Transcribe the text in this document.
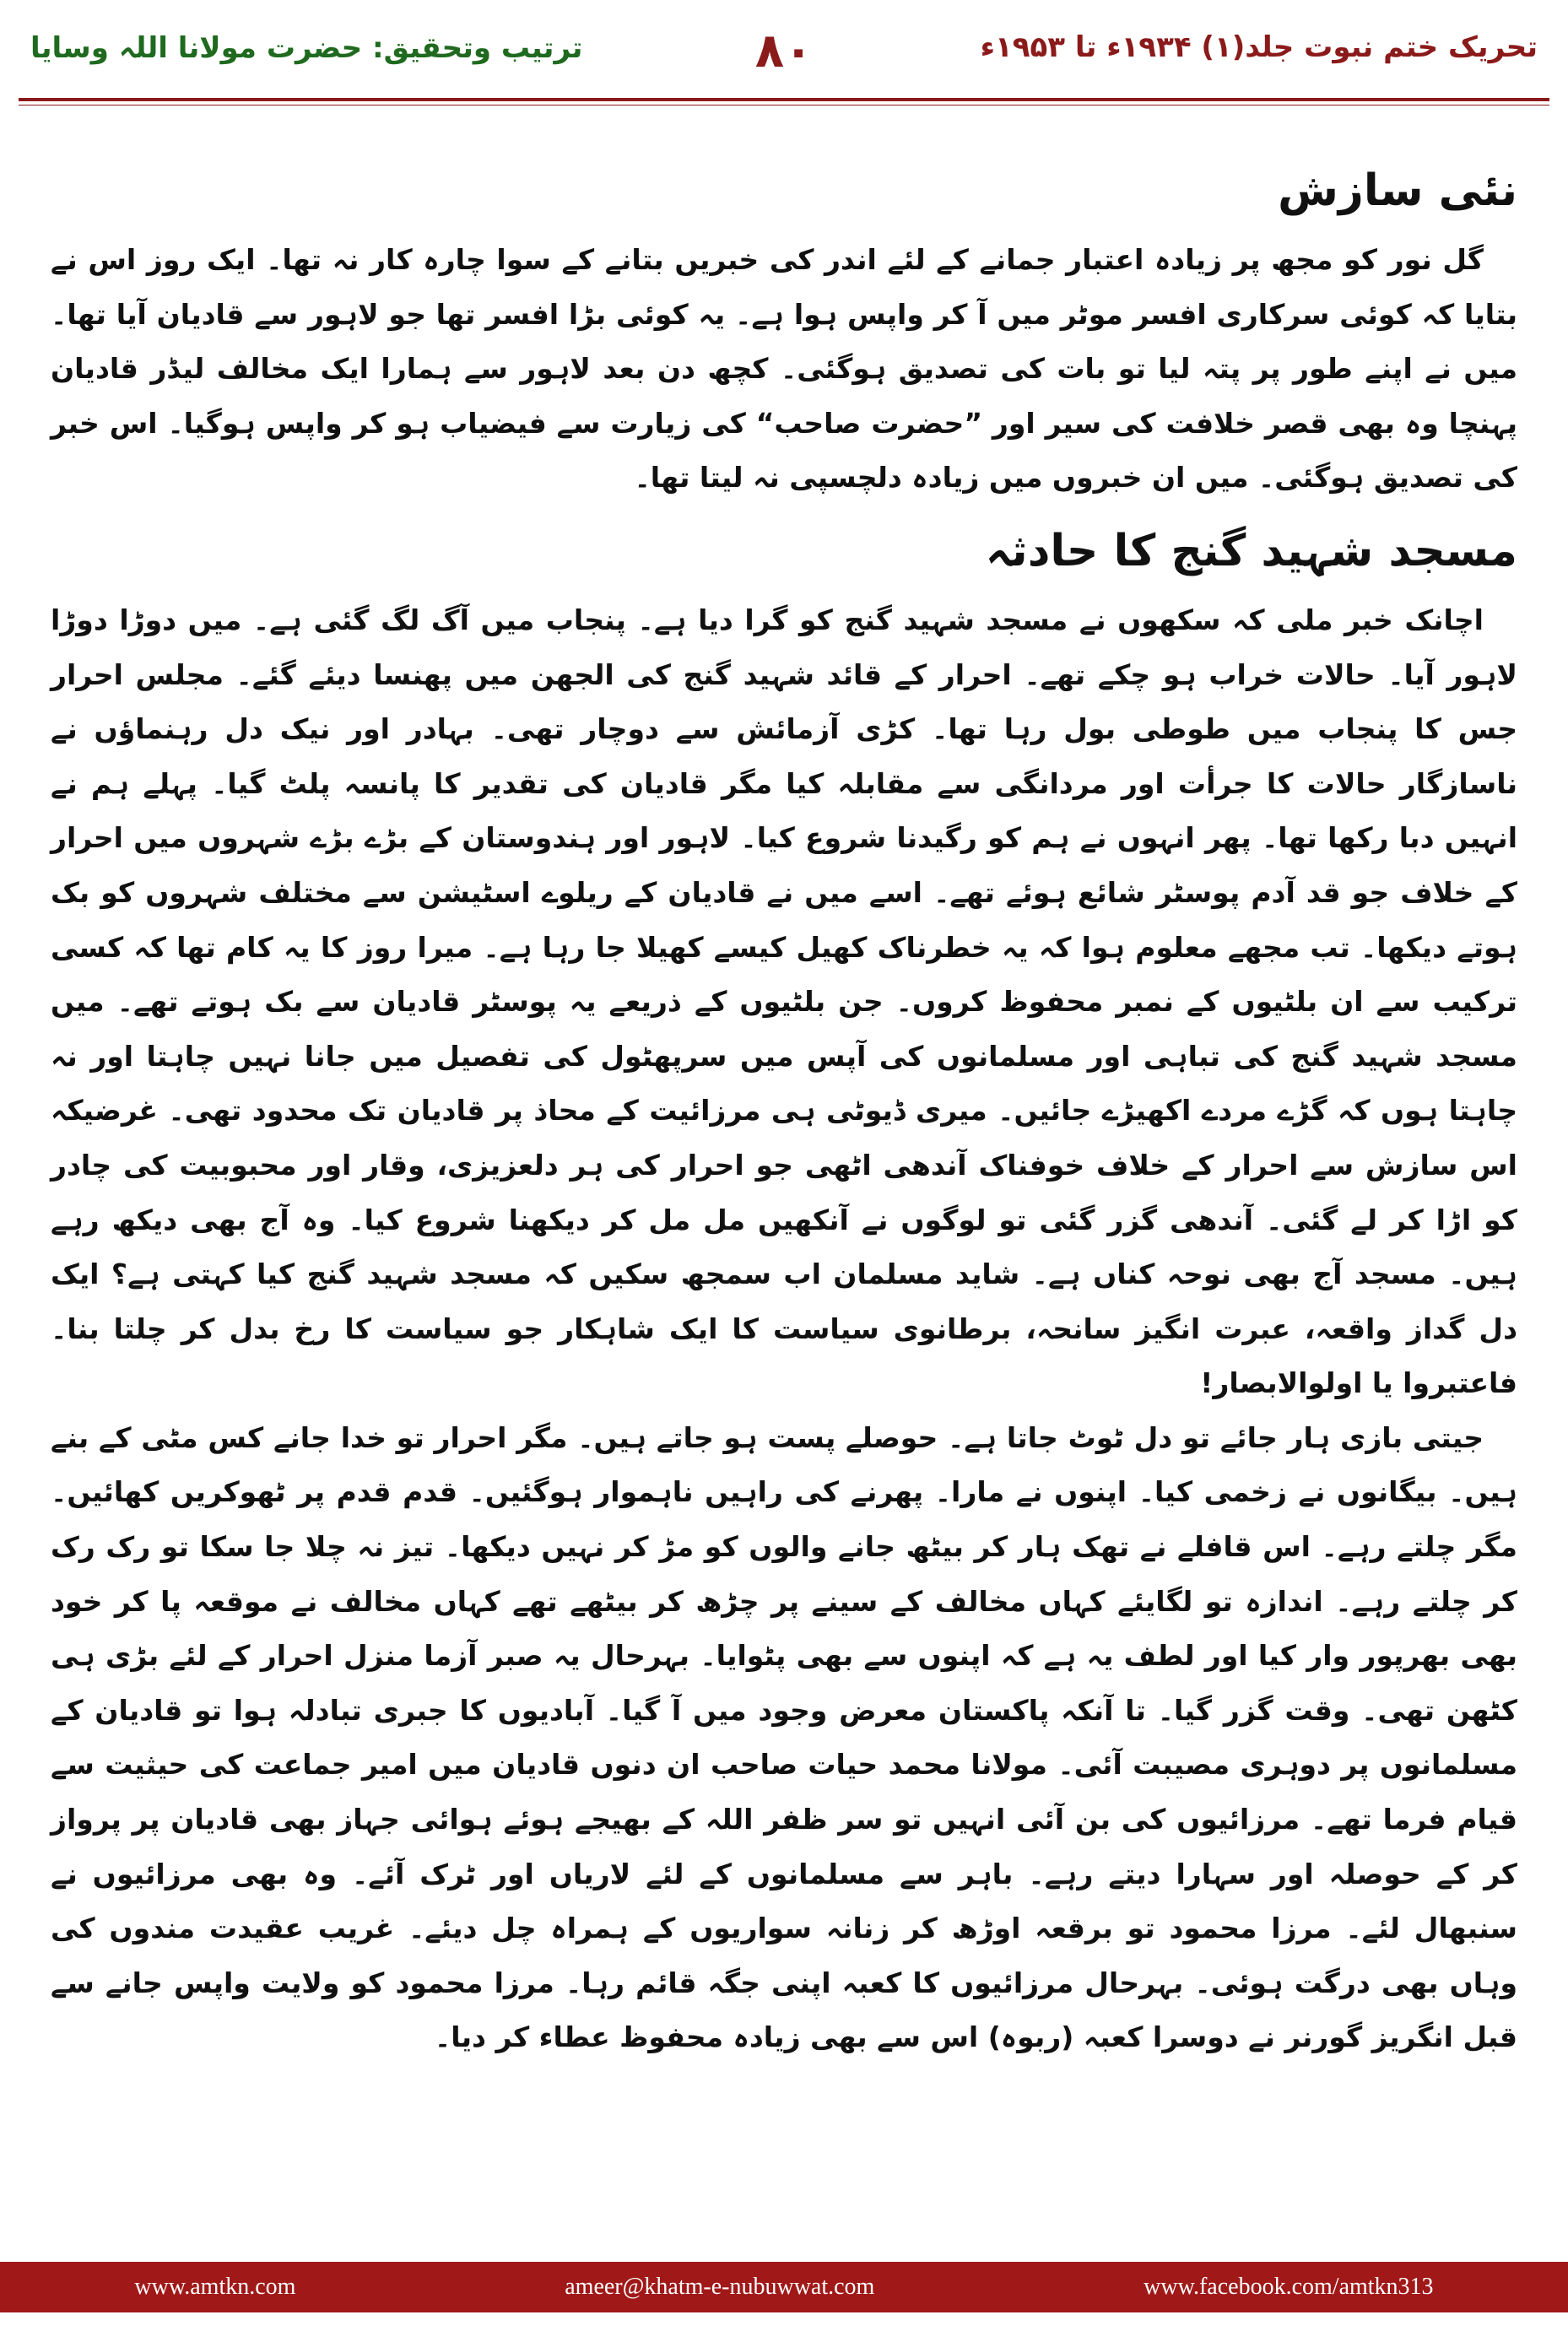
تحریک ختم نبوت جلد(۱) ۱۹۳۴ء تا ۱۹۵۳ء
۸۰
ترتیب وتحقیق: حضرت مولانا اللہ وسایا
نئی سازش

گل نور کو مجھ پر زیادہ اعتبار جمانے کے لئے اندر کی خبریں بتانے کے سوا چارہ کار نہ تھا۔ ایک روز اس نے بتایا کہ کوئی سرکاری افسر موٹر میں آ کر واپس ہوا ہے۔ یہ کوئی بڑا افسر تھا جو لاہور سے قادیان آیا تھا۔ میں نے اپنے طور پر پتہ لیا تو بات کی تصدیق ہوگئی۔ کچھ دن بعد لاہور سے ہمارا ایک مخالف لیڈر قادیان پہنچا وہ بھی قصر خلافت کی سیر اور ”حضرت صاحب“ کی زیارت سے فیضیاب ہو کر واپس ہوگیا۔ اس خبر کی تصدیق ہوگئی۔ میں ان خبروں میں زیادہ دلچسپی نہ لیتا تھا۔

مسجد شہید گنج کا حادثہ

اچانک خبر ملی کہ سکھوں نے مسجد شہید گنج کو گرا دیا ہے۔ پنجاب میں آگ لگ گئی ہے۔ میں دوڑا دوڑا لاہور آیا۔ حالات خراب ہو چکے تھے۔ احرار کے قائد شہید گنج کی الجھن میں پھنسا دیئے گئے۔ مجلس احرار جس کا پنجاب میں طوطی بول رہا تھا۔ کڑی آزمائش سے دوچار تھی۔ بہادر اور نیک دل رہنماؤں نے ناسازگار حالات کا جرأت اور مردانگی سے مقابلہ کیا مگر قادیان کی تقدیر کا پانسہ پلٹ گیا۔ پہلے ہم نے انہیں دبا رکھا تھا۔ پھر انہوں نے ہم کو رگیدنا شروع کیا۔ لاہور اور ہندوستان کے بڑے بڑے شہروں میں احرار کے خلاف جو قد آدم پوسٹر شائع ہوئے تھے۔ اسے میں نے قادیان کے ریلوے اسٹیشن سے مختلف شہروں کو بک ہوتے دیکھا۔ تب مجھے معلوم ہوا کہ یہ خطرناک کھیل کیسے کھیلا جا رہا ہے۔ میرا روز کا یہ کام تھا کہ کسی ترکیب سے ان بلٹیوں کے نمبر محفوظ کروں۔ جن بلٹیوں کے ذریعے یہ پوسٹر قادیان سے بک ہوتے تھے۔ میں مسجد شہید گنج کی تباہی اور مسلمانوں کی آپس میں سرپھٹول کی تفصیل میں جانا نہیں چاہتا اور نہ چاہتا ہوں کہ گڑے مردے اکھیڑے جائیں۔ میری ڈیوٹی ہی مرزائیت کے محاذ پر قادیان تک محدود تھی۔ غرضیکہ اس سازش سے احرار کے خلاف خوفناک آندھی اٹھی جو احرار کی ہر دلعزیزی، وقار اور محبوبیت کی چادر کو اڑا کر لے گئی۔ آندھی گزر گئی تو لوگوں نے آنکھیں مل مل کر دیکھنا شروع کیا۔ وہ آج بھی دیکھ رہے ہیں۔ مسجد آج بھی نوحہ کناں ہے۔ شاید مسلمان اب سمجھ سکیں کہ مسجد شہید گنج کیا کہتی ہے؟ ایک دل گداز واقعہ، عبرت انگیز سانحہ، برطانوی سیاست کا ایک شاہکار جو سیاست کا رخ بدل کر چلتا بنا۔ فاعتبروا یا اولوالابصار!

جیتی بازی ہار جائے تو دل ٹوٹ جاتا ہے۔ حوصلے پست ہو جاتے ہیں۔ مگر احرار تو خدا جانے کس مٹی کے بنے ہیں۔ بیگانوں نے زخمی کیا۔ اپنوں نے مارا۔ پھرنے کی راہیں ناہموار ہوگئیں۔ قدم قدم پر ٹھوکریں کھائیں۔ مگر چلتے رہے۔ اس قافلے نے تھک ہار کر بیٹھ جانے والوں کو مڑ کر نہیں دیکھا۔ تیز نہ چلا جا سکا تو رک رک کر چلتے رہے۔ اندازہ تو لگایئے کہاں مخالف کے سینے پر چڑھ کر بیٹھے تھے کہاں مخالف نے موقعہ پا کر خود بھی بھرپور وار کیا اور لطف یہ ہے کہ اپنوں سے بھی پٹوایا۔ بہرحال یہ صبر آزما منزل احرار کے لئے بڑی ہی کٹھن تھی۔ وقت گزر گیا۔ تا آنکہ پاکستان معرض وجود میں آ گیا۔ آبادیوں کا جبری تبادلہ ہوا تو قادیان کے مسلمانوں پر دوہری مصیبت آئی۔ مولانا محمد حیات صاحب ان دنوں قادیان میں امیر جماعت کی حیثیت سے قیام فرما تھے۔ مرزائیوں کی بن آئی انہیں تو سر ظفر اللہ کے بھیجے ہوئے ہوائی جہاز بھی قادیان پر پرواز کر کے حوصلہ اور سہارا دیتے رہے۔ باہر سے مسلمانوں کے لئے لاریاں اور ٹرک آئے۔ وہ بھی مرزائیوں نے سنبھال لئے۔ مرزا محمود تو برقعہ اوڑھ کر زنانہ سواریوں کے ہمراہ چل دیئے۔ غریب عقیدت مندوں کی وہاں بھی درگت ہوئی۔ بہرحال مرزائیوں کا کعبہ اپنی جگہ قائم رہا۔ مرزا محمود کو ولایت واپس جانے سے قبل انگریز گورنر نے دوسرا کعبہ (ربوہ) اس سے بھی زیادہ محفوظ عطاء کر دیا۔

www.amtkn.com	ameer@khatm-e-nubuwwat.com	www.facebook.com/amtkn313
